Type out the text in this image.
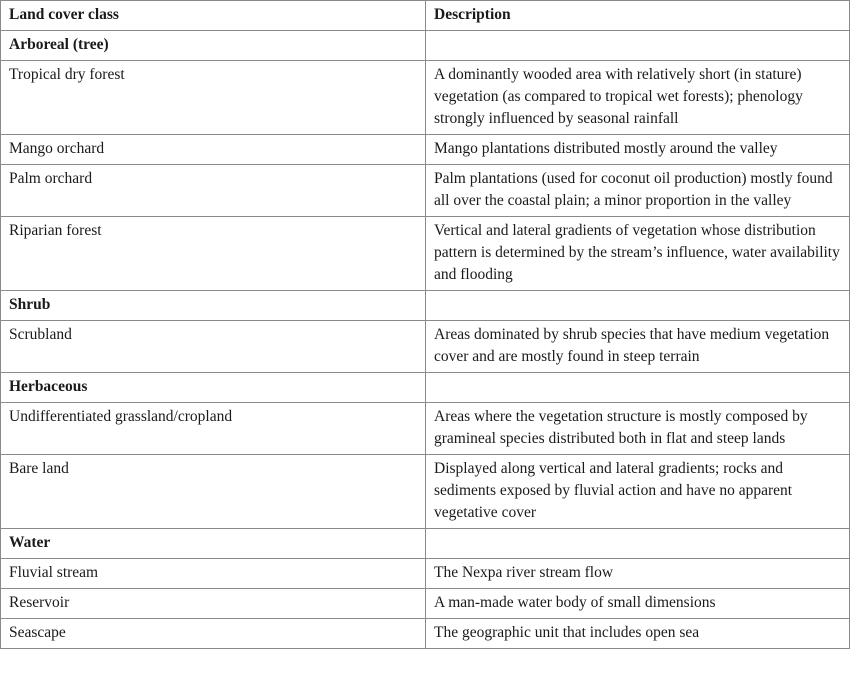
Land cover class	Description
Arboreal (tree)	
Tropical dry forest	A dominantly wooded area with relatively short (in stature) vegetation (as compared to tropical wet forests); phenology strongly influenced by seasonal rainfall
Mango orchard	Mango plantations distributed mostly around the valley
Palm orchard	Palm plantations (used for coconut oil production) mostly found all over the coastal plain; a minor proportion in the valley
Riparian forest	Vertical and lateral gradients of vegetation whose distribution pattern is determined by the stream’s influence, water availability and flooding
Shrub	
Scrubland	Areas dominated by shrub species that have medium vegetation cover and are mostly found in steep terrain
Herbaceous	
Undifferentiated grassland/cropland	Areas where the vegetation structure is mostly composed by gramineal species distributed both in flat and steep lands
Bare land	Displayed along vertical and lateral gradients; rocks and sediments exposed by fluvial action and have no apparent vegetative cover
Water	
Fluvial stream	The Nexpa river stream flow
Reservoir	A man-made water body of small dimensions
Seascape	The geographic unit that includes open sea
